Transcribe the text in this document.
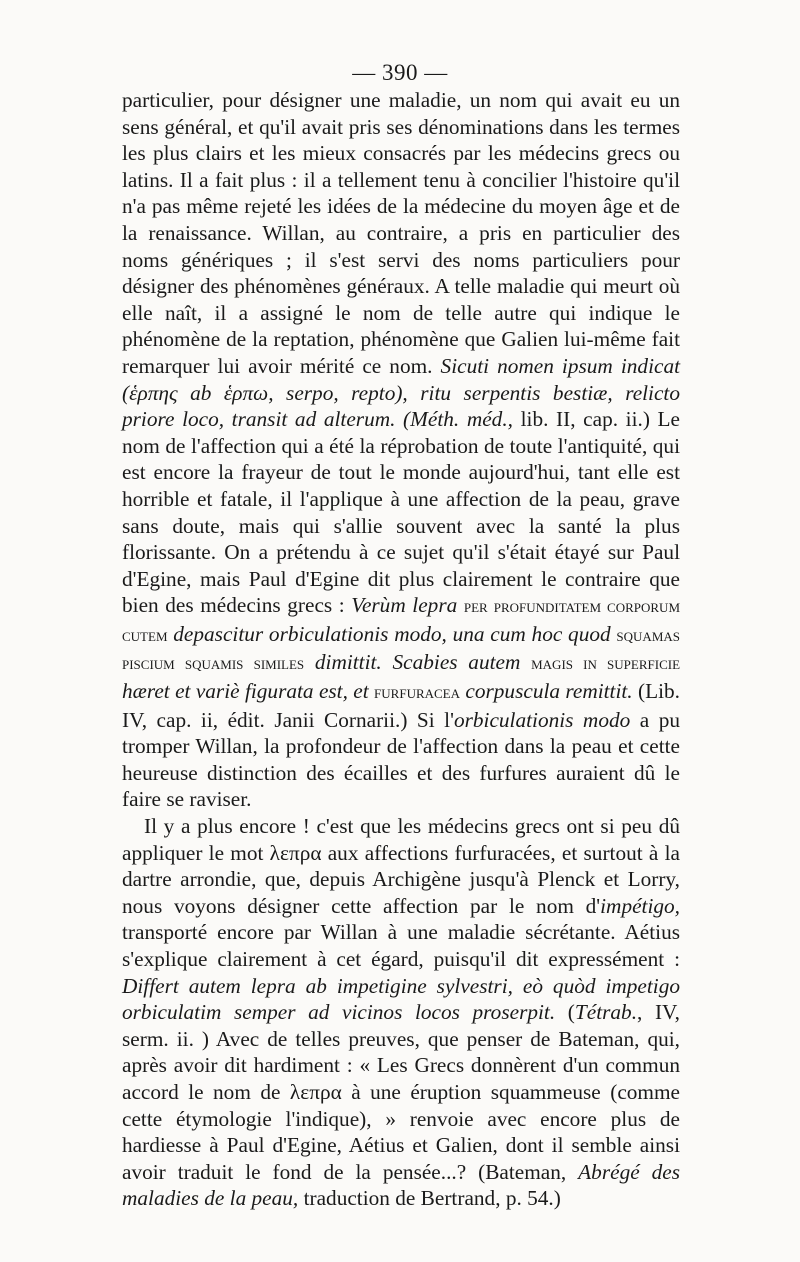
— 390 —

particulier, pour désigner une maladie, un nom qui avait eu un sens général, et qu'il avait pris ses dénominations dans les termes les plus clairs et les mieux consacrés par les médecins grecs ou latins. Il a fait plus : il a tellement tenu à concilier l'histoire qu'il n'a pas même rejeté les idées de la médecine du moyen âge et de la renaissance. Willan, au contraire, a pris en particulier des noms génériques ; il s'est servi des noms particuliers pour désigner des phénomènes généraux. A telle maladie qui meurt où elle naît, il a assigné le nom de telle autre qui indique le phénomène de la reptation, phénomène que Galien lui-même fait remarquer lui avoir mérité ce nom. Sicuti nomen ipsum indicat (ἑρπης ab ἑρπω, serpo, repto), ritu serpentis bestiæ, relicto priore loco, transit ad alterum. (Méth. méd., lib. II, cap. ii.) Le nom de l'affection qui a été la réprobation de toute l'antiquité, qui est encore la frayeur de tout le monde aujourd'hui, tant elle est horrible et fatale, il l'applique à une affection de la peau, grave sans doute, mais qui s'allie souvent avec la santé la plus florissante. On a prétendu à ce sujet qu'il s'était étayé sur Paul d'Egine, mais Paul d'Egine dit plus clairement le contraire que bien des médecins grecs : Verùm lepra per profunditatem corporum cutem depascitur orbiculationis modo, una cum hoc quod squamas piscium squamis similes dimittit. Scabies autem magis in superficie hæret et variè figurata est, et furfuracea corpuscula remittit. (Lib. IV, cap. ii, édit. Janii Cornarii.) Si l'orbiculationis modo a pu tromper Willan, la profondeur de l'affection dans la peau et cette heureuse distinction des écailles et des furfures auraient dû le faire se raviser.

Il y a plus encore ! c'est que les médecins grecs ont si peu dû appliquer le mot λεπρα aux affections furfuracées, et surtout à la dartre arrondie, que, depuis Archigène jusqu'à Plenck et Lorry, nous voyons désigner cette affection par le nom d'impétigo, transporté encore par Willan à une maladie sécrétante. Aétius s'explique clairement à cet égard, puisqu'il dit expressément : Differt autem lepra ab impetigine sylvestri, eò quòd impetigo orbiculatim semper ad vicinos locos proserpit. (Tétrab., IV, serm. ii. ) Avec de telles preuves, que penser de Bateman, qui, après avoir dit hardiment : « Les Grecs donnèrent d'un commun accord le nom de λεπρα à une éruption squammeuse (comme cette étymologie l'indique), » renvoie avec encore plus de hardiesse à Paul d'Egine, Aétius et Galien, dont il semble ainsi avoir traduit le fond de la pensée...? (Bateman, Abrégé des maladies de la peau, traduction de Bertrand, p. 54.)
